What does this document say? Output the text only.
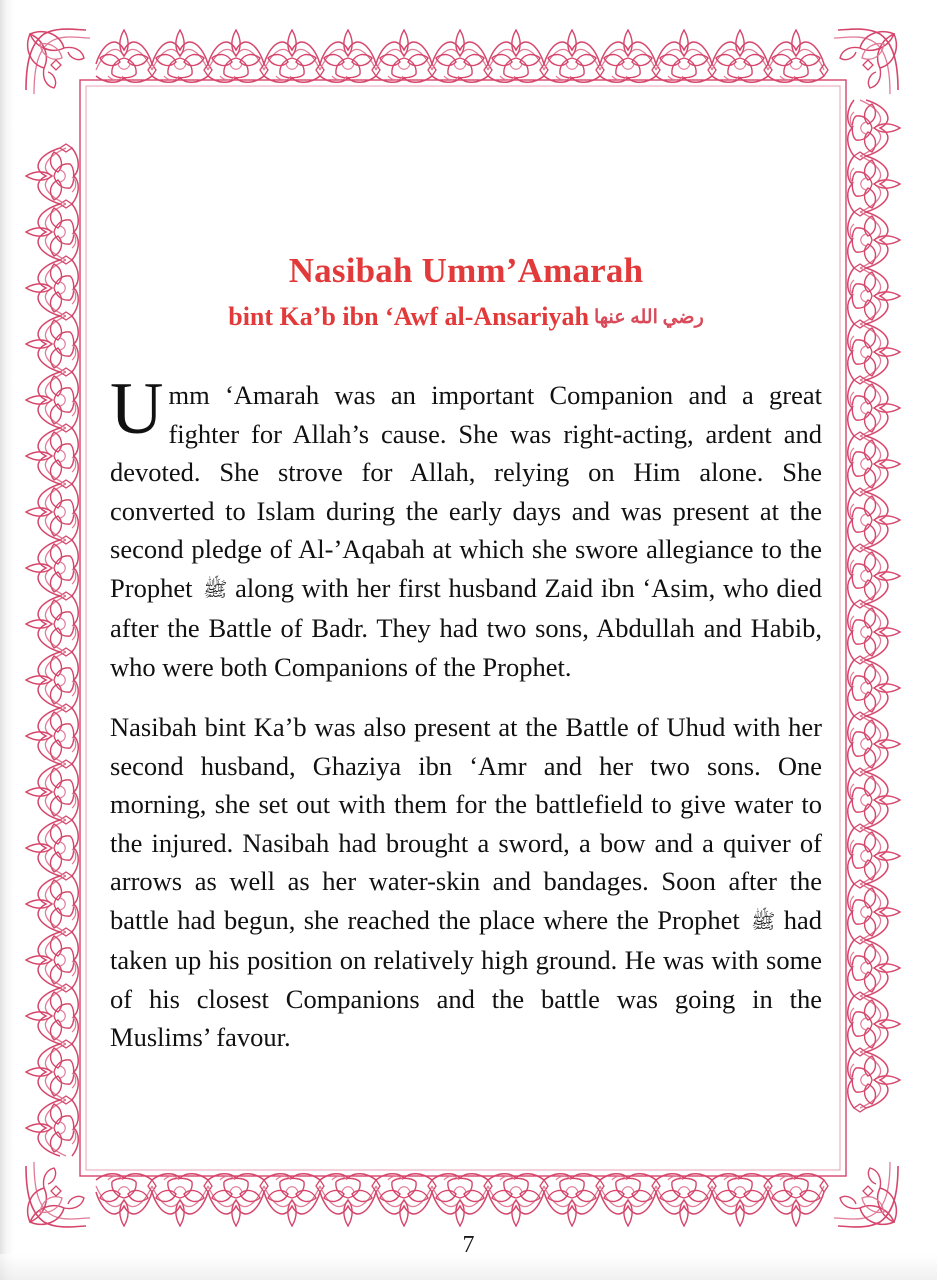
Nasibah Umm’Amarah
bint Ka’b ibn ‘Awf al-Ansariyah رضي الله عنها

Umm ‘Amarah was an important Companion and a great fighter for Allah’s cause. She was right-acting, ardent and devoted. She strove for Allah, relying on Him alone. She converted to Islam during the early days and was present at the second pledge of Al-’Aqabah at which she swore allegiance to the Prophet ﷺ along with her first husband Zaid ibn ‘Asim, who died after the Battle of Badr. They had two sons, Abdullah and Habib, who were both Companions of the Prophet.

Nasibah bint Ka’b was also present at the Battle of Uhud with her second husband, Ghaziya ibn ‘Amr and her two sons. One morning, she set out with them for the battlefield to give water to the injured. Nasibah had brought a sword, a bow and a quiver of arrows as well as her water-skin and bandages. Soon after the battle had begun, she reached the place where the Prophet ﷺ had taken up his position on relatively high ground. He was with some of his closest Companions and the battle was going in the Muslims’ favour.

7
